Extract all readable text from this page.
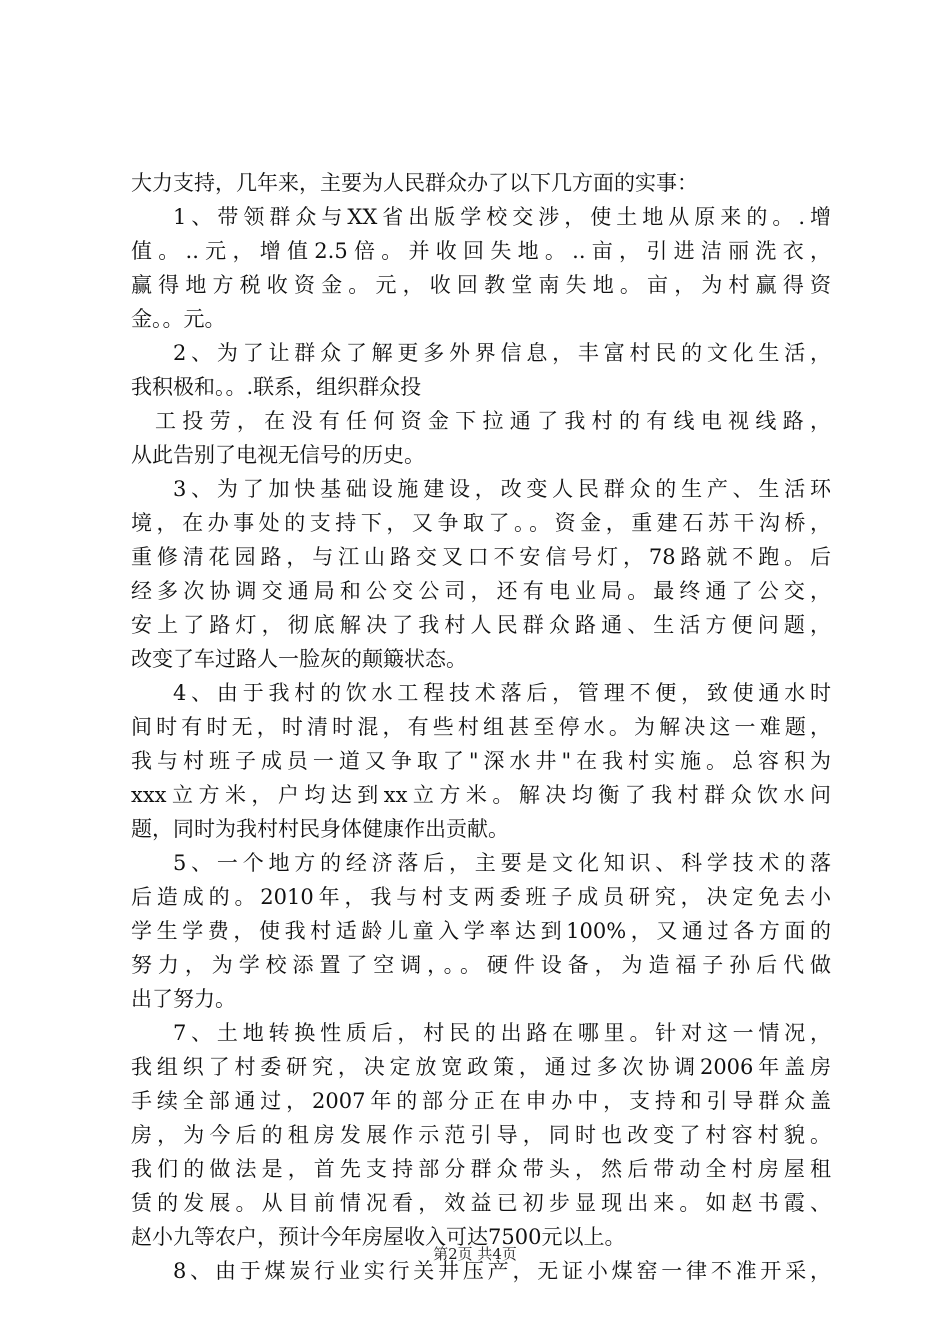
大力支持，几年来，主要为人民群众办了以下几方面的实事：
1、带领群众与XX省出版学校交涉，使土地从原来的。.增
值。..元，增值2.5倍。并收回失地。..亩，引进洁丽洗衣，
赢得地方税收资金。元，收回教堂南失地。亩，为村赢得资
金。。元。
2、为了让群众了解更多外界信息，丰富村民的文化生活，
我积极和。。.联系，组织群众投
工投劳，在没有任何资金下拉通了我村的有线电视线路，
从此告别了电视无信号的历史。
3、为了加快基础设施建设，改变人民群众的生产、生活环
境，在办事处的支持下，又争取了。。资金，重建石苏干沟桥，
重修清花园路，与江山路交叉口不安信号灯，78路就不跑。后
经多次协调交通局和公交公司，还有电业局。最终通了公交，
安上了路灯，彻底解决了我村人民群众路通、生活方便问题，
改变了车过路人一脸灰的颠簸状态。
4、由于我村的饮水工程技术落后，管理不便，致使通水时
间时有时无，时清时混，有些村组甚至停水。为解决这一难题，
我与村班子成员一道又争取了"深水井"在我村实施。总容积为
xxx立方米，户均达到xx立方米。解决均衡了我村群众饮水问
题，同时为我村村民身体健康作出贡献。
5、一个地方的经济落后，主要是文化知识、科学技术的落
后造成的。2010年，我与村支两委班子成员研究，决定免去小
学生学费，使我村适龄儿童入学率达到100%，又通过各方面的
努力，为学校添置了空调，。。硬件设备，为造福子孙后代做
出了努力。
7、土地转换性质后，村民的出路在哪里。针对这一情况，
我组织了村委研究，决定放宽政策，通过多次协调2006年盖房
手续全部通过，2007年的部分正在申办中，支持和引导群众盖
房，为今后的租房发展作示范引导，同时也改变了村容村貌。
我们的做法是，首先支持部分群众带头，然后带动全村房屋租
赁的发展。从目前情况看，效益已初步显现出来。如赵书霞、
赵小九等农户，预计今年房屋收入可达7500元以上。
8、由于煤炭行业实行关井压产，无证小煤窑一律不准开采，
第2页 共4页
